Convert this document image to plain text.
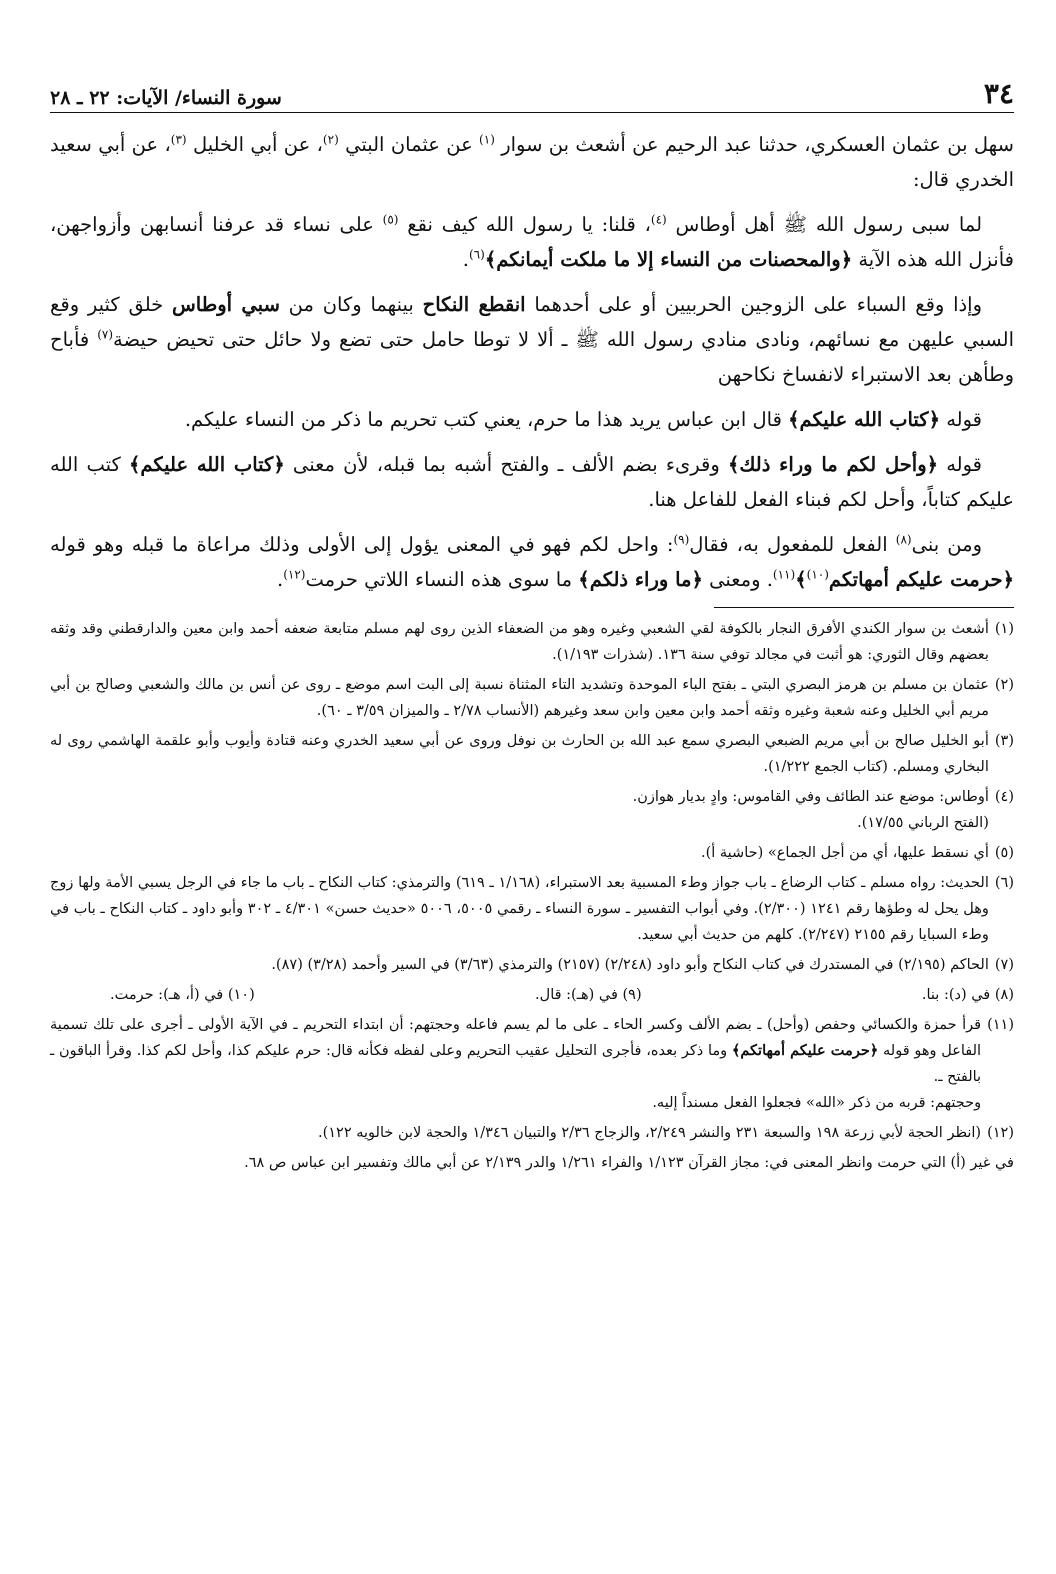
٣٤
سورة النساء/ الآيات: ٢٢ ـ ٢٨

سهل بن عثمان العسكري، حدثنا عبد الرحيم عن أشعث بن سوار $^{(١)}$ عن عثمان البتي $^{(٢)}$، عن أبي الخليل $^{(٣)}$، عن أبي سعيد الخدري قال:

لما سبى رسول الله ﷺ أهل أوطاس $^{(٤)}$، قلنا: يا رسول الله كيف نقع $^{(٥)}$ على نساء قد عرفنا أنسابهن وأزواجهن، فأنزل الله هذه الآية ﴿والمحصنات من النساء إلا ما ملكت أيمانكم﴾$^{(٦)}$.

وإذا وقع السباء على الزوجين الحربيين أو على أحدهما انقطع النكاح بينهما وكان من سبي أوطاس خلق كثير وقع السبي عليهن مع نسائهم، ونادى منادي رسول الله ﷺ ـ ألا لا توطا حامل حتى تضع ولا حائل حتى تحيض حيضة$^{(٧)}$ فأباح وطأهن بعد الاستبراء لانفساخ نكاحهن

قوله ﴿كتاب الله عليكم﴾ قال ابن عباس يريد هذا ما حرم، يعني كتب تحريم ما ذكر من النساء عليكم.

قوله ﴿وأحل لكم ما وراء ذلك﴾ وقرىء بضم الألف ـ والفتح أشبه بما قبله، لأن معنى ﴿كتاب الله عليكم﴾ كتب الله عليكم كتاباً، وأحل لكم فبناء الفعل للفاعل هنا.

ومن بنى$^{(٨)}$ الفعل للمفعول به، فقال$^{(٩)}$: واحل لكم فهو في المعنى يؤول إلى الأولى وذلك مراعاة ما قبله وهو قوله ﴿حرمت عليكم أمهاتكم$^{(١٠)}$﴾$^{(١١)}$. ومعنى ﴿ما وراء ذلكم﴾ ما سوى هذه النساء اللاتي حرمت$^{(١٢)}$.

(١)
أشعث بن سوار الكندي الأفرق النجار بالكوفة لقي الشعبي وغيره وهو من الضعفاء الذين روى لهم مسلم متابعة ضعفه أحمد وابن معين والدارقطني وقد وثقه بعضهم وقال الثوري: هو أثبت في مجالد توفي سنة ١٣٦. (شذرات ١/١٩٣).
(٢)
عثمان بن مسلم بن هرمز البصري البتي ـ بفتح الباء الموحدة وتشديد التاء المثناة نسبة إلى البت اسم موضع ـ روى عن أنس بن مالك والشعبي وصالح بن أبي مريم أبي الخليل وعنه شعبة وغيره وثقه أحمد وابن معين وابن سعد وغيرهم (الأنساب ٢/٧٨ ـ والميزان ٣/٥٩ ـ ٦٠).
(٣)
أبو الخليل صالح بن أبي مريم الضبعي البصري سمع عبد الله بن الحارث بن نوفل وروى عن أبي سعيد الخدري وعنه قتادة وأيوب وأبو علقمة الهاشمي روى له البخاري ومسلم. (كتاب الجمع ١/٢٢٢).
(٤)
أوطاس: موضع عند الطائف وفي القاموس: وادٍ بديار هوازن.
(الفتح الرباني ١٧/٥٥).
(٥)
أي نسقط عليها، أي من أجل الجماع» (حاشية أ).
(٦)
الحديث: رواه مسلم ـ كتاب الرضاع ـ باب جواز وطء المسبية بعد الاستبراء، (١/١٦٨ ـ ٦١٩) والترمذي: كتاب النكاح ـ باب ما جاء في الرجل يسبي الأمة ولها زوج وهل يحل له وطؤها رقم ١٢٤١ (٢/٣٠٠). وفي أبواب التفسير ـ سورة النساء ـ رقمي ٥٠٠٥، ٥٠٠٦ «حديث حسن» ٤/٣٠١ ـ ٣٠٢ وأبو داود ـ كتاب النكاح ـ باب في وطء السبايا رقم ٢١٥٥ (٢/٢٤٧). كلهم من حديث أبي سعيد.
(٧)
الحاكم (٢/١٩٥) في المستدرك في كتاب النكاح وأبو داود (٢/٢٤٨) (٢١٥٧) والترمذي (٣/٦٣) في السير وأحمد (٣/٢٨) (٨٧).
(٨) في (د): بنا.
(٩) في (هـ): قال.
(١٠) في (أ، هـ): حرمت.
(١١)
قرأ حمزة والكسائي وحفص (وأحل) ـ بضم الألف وكسر الحاء ـ على ما لم يسم فاعله وحجتهم: أن ابتداء التحريم ـ في الآية الأولى ـ أجرى على تلك تسمية الفاعل وهو قوله ﴿حرمت عليكم أمهاتكم﴾ وما ذكر بعده، فأجرى التحليل عقيب التحريم وعلى لفظه فكأنه قال: حرم عليكم كذا، وأحل لكم كذا. وقرأ الباقون ـ بالفتح ـ.
وحجتهم: قربه من ذكر «الله» فجعلوا الفعل مسنداً إليه.
(١٢)
(انظر الحجة لأبي زرعة ١٩٨ والسبعة ٢٣١ والنشر ٢/٢٤٩، والزجاج ٢/٣٦ والتبيان ١/٣٤٦ والحجة لابن خالويه ١٢٢).
في غير (أ) التي حرمت وانظر المعنى في: مجاز القرآن ١/١٢٣ والفراء ١/٢٦١ والدر ٢/١٣٩ عن أبي مالك وتفسير ابن عباس ص ٦٨.
